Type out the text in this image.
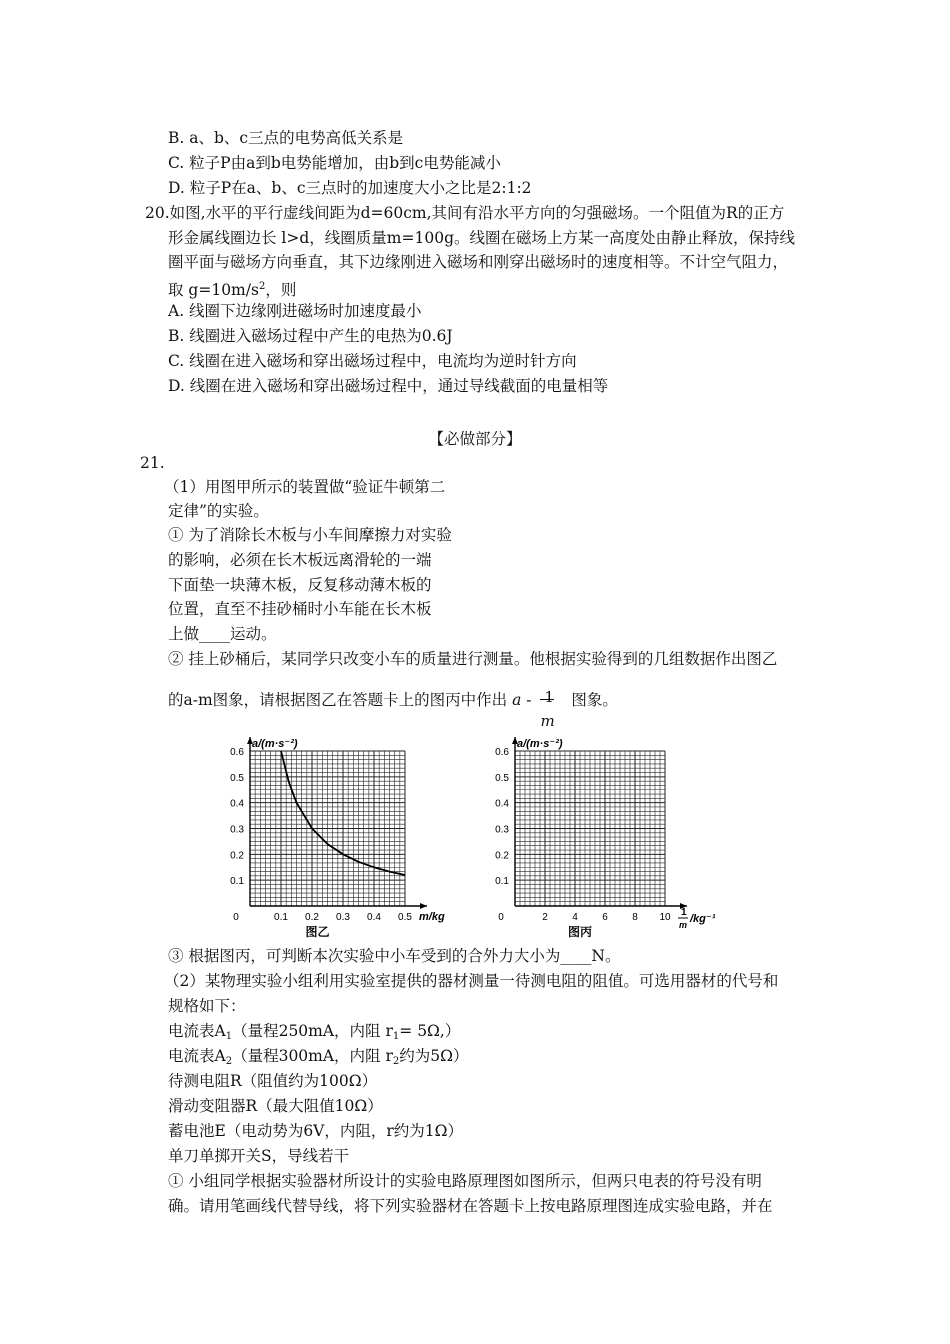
B. a、b、c三点的电势高低关系是
C. 粒子P由a到b电势能增加，由b到c电势能减小
D. 粒子P在a、b、c三点时的加速度大小之比是2:1:2
20.如图,水平的平行虚线间距为d=60cm,其间有沿水平方向的匀强磁场。一个阻值为R的正方
形金属线圈边长 l>d，线圈质量m=100g。线圈在磁场上方某一高度处由静止释放，保持线
圈平面与磁场方向垂直，其下边缘刚进入磁场和刚穿出磁场时的速度相等。不计空气阻力，
取 $g=10m/s^2$，则
A. 线圈下边缘刚进磁场时加速度最小
B. 线圈进入磁场过程中产生的电热为0.6J
C. 线圈在进入磁场和穿出磁场过程中，电流均为逆时针方向
D. 线圈在进入磁场和穿出磁场过程中，通过导线截面的电量相等
【必做部分】
21.
（1）用图甲所示的装置做“验证牛顿第二
定律”的实验。
① 为了消除长木板与小车间摩擦力对实验
的影响，必须在长木板远离滑轮的一端
下面垫一块薄木板，反复移动薄木板的
位置，直至不挂砂桶时小车能在长木板
上做____运动。
② 挂上砂桶后，某同学只改变小车的质量进行测量。他根据实验得到的几组数据作出图乙
的a-m图象，请根据图乙在答题卡上的图丙中作出 a - 1
m
图象。
0.1
0.2
0.3
0.4
0.5
0.6
0.1 0.2 0.3 0.4 0.5
0
a/(m·s⁻²)
m/kg
图乙
0.1
0.2
0.3
0.4
0.5
0.6
2 4 6 8 10
0
a/(m·s⁻²)
1
m /kg⁻¹
图丙
③ 根据图丙，可判断本次实验中小车受到的合外力大小为____N。
（2）某物理实验小组利用实验室提供的器材测量一待测电阻的阻值。可选用器材的代号和
规格如下：
电流表$A_1$（量程250mA，内阻 $r_1= 5\Omega$,）
电流表$A_2$（量程300mA，内阻 $r_2$约为5Ω）
待测电阻R（阻值约为100Ω）
滑动变阻器R（最大阻值10Ω）
蓄电池E（电动势为6V，内阻，r约为1Ω）
单刀单掷开关S，导线若干
① 小组同学根据实验器材所设计的实验电路原理图如图所示，但两只电表的符号没有明
确。请用笔画线代替导线，将下列实验器材在答题卡上按电路原理图连成实验电路，并在
